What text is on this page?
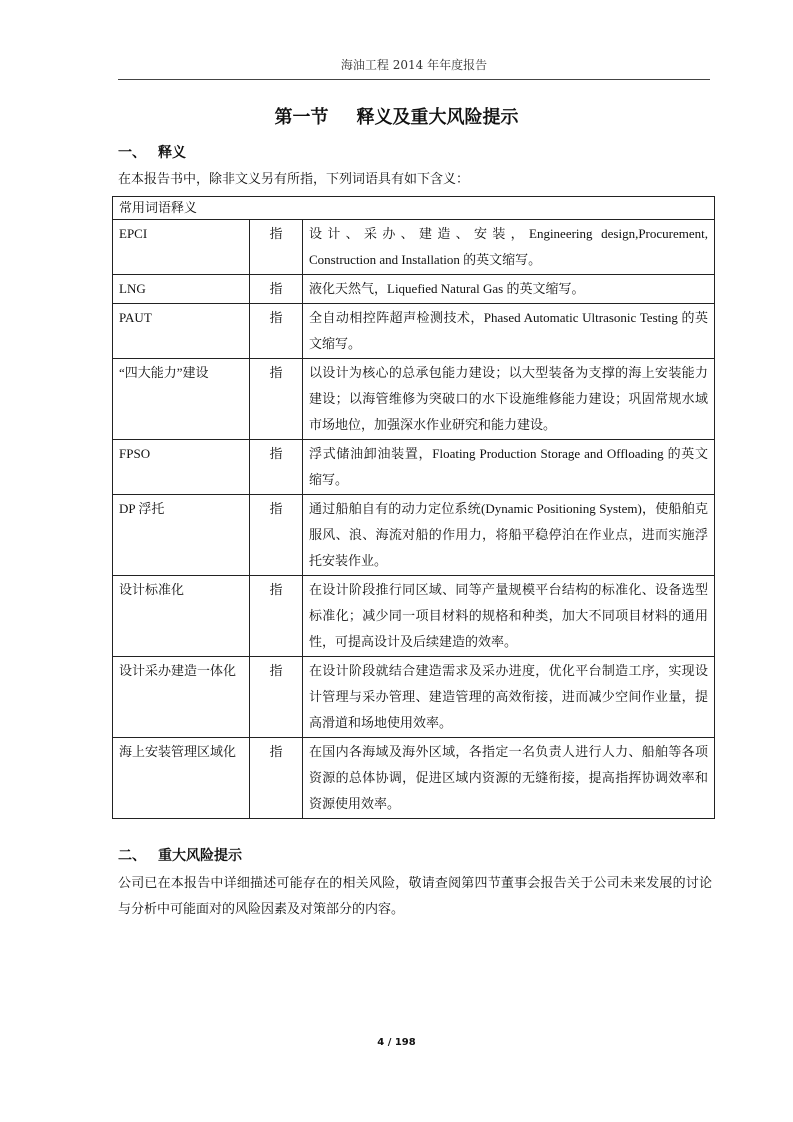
海油工程 2014 年年度报告
第一节 释义及重大风险提示
一、 释义
在本报告书中，除非文义另有所指，下列词语具有如下含义：
常用词语释义		
EPCI	指	设计、采办、建造、安装，Engineering design,Procurement, Construction and Installation 的英文缩写。
LNG	指	液化天然气，Liquefied Natural Gas 的英文缩写。
PAUT	指	全自动相控阵超声检测技术，Phased Automatic Ultrasonic Testing 的英文缩写。
“四大能力”建设	指	以设计为核心的总承包能力建设；以大型装备为支撑的海上安装能力建设；以海管维修为突破口的水下设施维修能力建设；巩固常规水域市场地位，加强深水作业研究和能力建设。
FPSO	指	浮式储油卸油装置，Floating Production Storage and Offloading 的英文缩写。
DP 浮托	指	通过船舶自有的动力定位系统(Dynamic Positioning System)，使船舶克服风、浪、海流对船的作用力，将船平稳停泊在作业点，进而实施浮托安装作业。
设计标准化	指	在设计阶段推行同区域、同等产量规模平台结构的标准化、设备选型标准化；减少同一项目材料的规格和种类，加大不同项目材料的通用性，可提高设计及后续建造的效率。
设计采办建造一体化	指	在设计阶段就结合建造需求及采办进度，优化平台制造工序，实现设计管理与采办管理、建造管理的高效衔接，进而减少空间作业量，提高滑道和场地使用效率。
海上安装管理区域化	指	在国内各海域及海外区域，各指定一名负责人进行人力、船舶等各项资源的总体协调，促进区域内资源的无缝衔接，提高指挥协调效率和资源使用效率。
二、 重大风险提示
公司已在本报告中详细描述可能存在的相关风险，敬请查阅第四节董事会报告关于公司未来发展的讨论与分析中可能面对的风险因素及对策部分的内容。
4 / 198
